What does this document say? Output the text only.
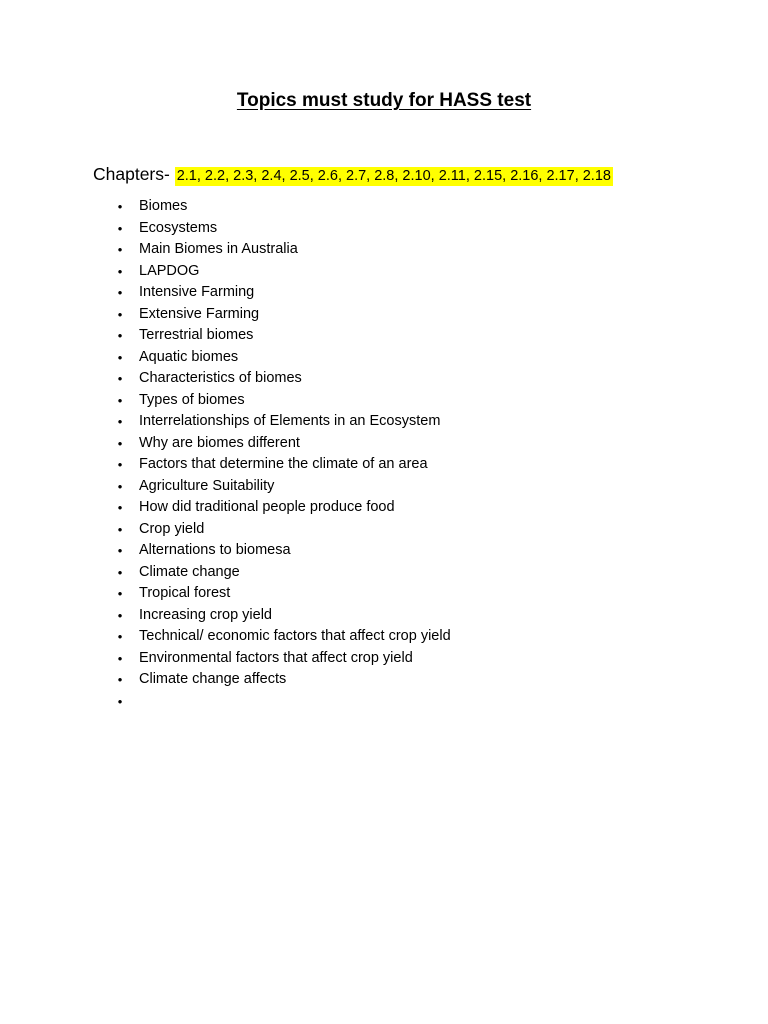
Topics must study for HASS test
Chapters- 2.1, 2.2, 2.3, 2.4, 2.5, 2.6, 2.7, 2.8, 2.10, 2.11, 2.15, 2.16, 2.17, 2.18
• Biomes
• Ecosystems
• Main Biomes in Australia
• LAPDOG
• Intensive Farming
• Extensive Farming
• Terrestrial biomes
• Aquatic biomes
• Characteristics of biomes
• Types of biomes
• Interrelationships of Elements in an Ecosystem
• Why are biomes different
• Factors that determine the climate of an area
• Agriculture Suitability
• How did traditional people produce food
• Crop yield
• Alternations to biomesa
• Climate change
• Tropical forest
• Increasing crop yield
• Technical/ economic factors that affect crop yield
• Environmental factors that affect crop yield
• Climate change affects
•
